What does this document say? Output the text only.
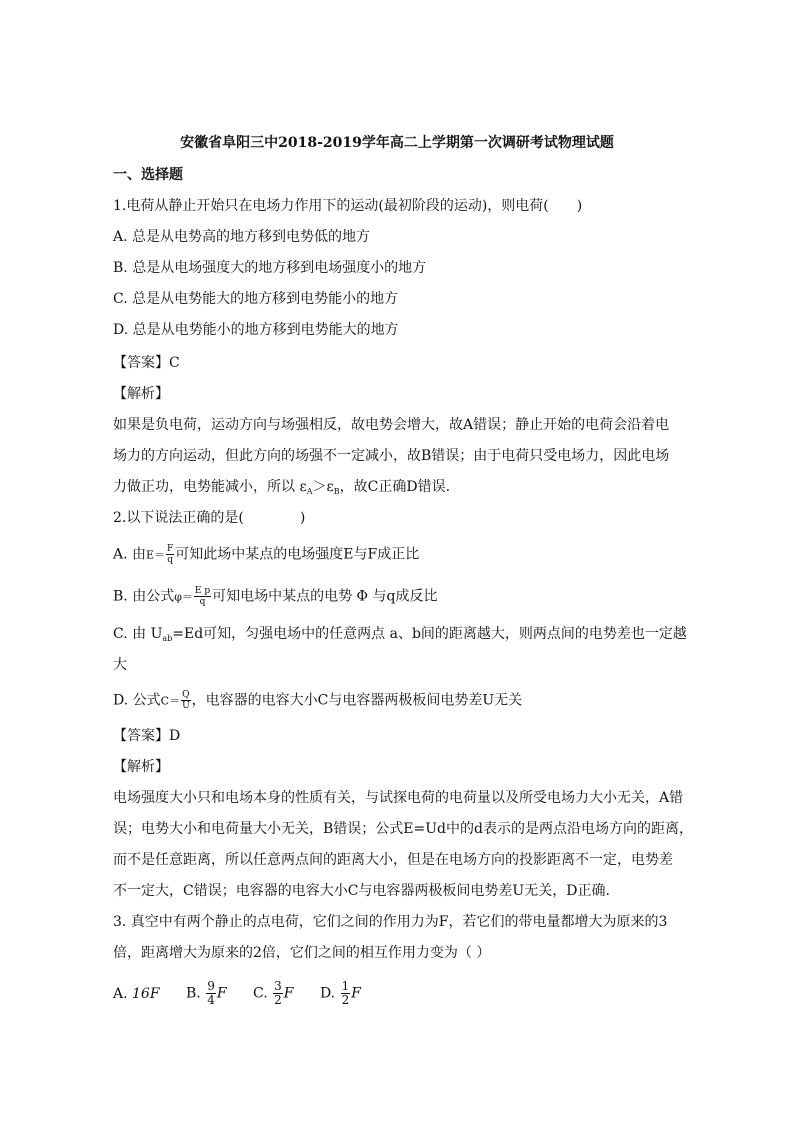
安徽省阜阳三中2018-2019学年高二上学期第一次调研考试物理试题
一、选择题
1.电荷从静止开始只在电场力作用下的运动(最初阶段的运动)，则电荷(　　)
A. 总是从电势高的地方移到电势低的地方
B. 总是从电场强度大的地方移到电场强度小的地方
C. 总是从电势能大的地方移到电势能小的地方
D. 总是从电势能小的地方移到电势能大的地方
【答案】C
【解析】
如果是负电荷，运动方向与场强相反，故电势会增大，故A错误；静止开始的电荷会沿着电
场力的方向运动，但此方向的场强不一定减小，故B错误；由于电荷只受电场力，因此电场
力做正功，电势能减小，所以 $\varepsilon_A>\varepsilon_B$，故C正确D错误.
2.以下说法正确的是(　　　　)
A. 由$E= \frac{F}{q}$ 可知此场中某点的电场强度E与F成正比
B. 由公式$\varphi= \frac{\text{E p}}{q}$ 可知电场中某点的电势 Φ 与q成反比
C. 由 $U_{ab}=Ed$可知，匀强电场中的任意两点 a、b间的距离越大，则两点间的电势差也一定越
大
D. 公式$C= \frac{Q}{U}$ ，电容器的电容大小C与电容器两极板间电势差U无关
【答案】D
【解析】
电场强度大小只和电场本身的性质有关，与试探电荷的电荷量以及所受电场力大小无关，A错
误；电势大小和电荷量大小无关，B错误；公式E=Ud中的d表示的是两点沿电场方向的距离，
而不是任意距离，所以任意两点间的距离大小，但是在电场方向的投影距离不一定，电势差
不一定大，C错误；电容器的电容大小C与电容器两极板间电势差U无关，D正确.
3. 真空中有两个静止的点电荷，它们之间的作用力为F，若它们的带电量都增大为原来的3
倍，距离增大为原来的2倍，它们之间的相互作用力变为（ ）
A. 16F B. $\frac{9}{4}$ F C. $\frac{3}{2}$ F D. $\frac{1}{2}$ F
